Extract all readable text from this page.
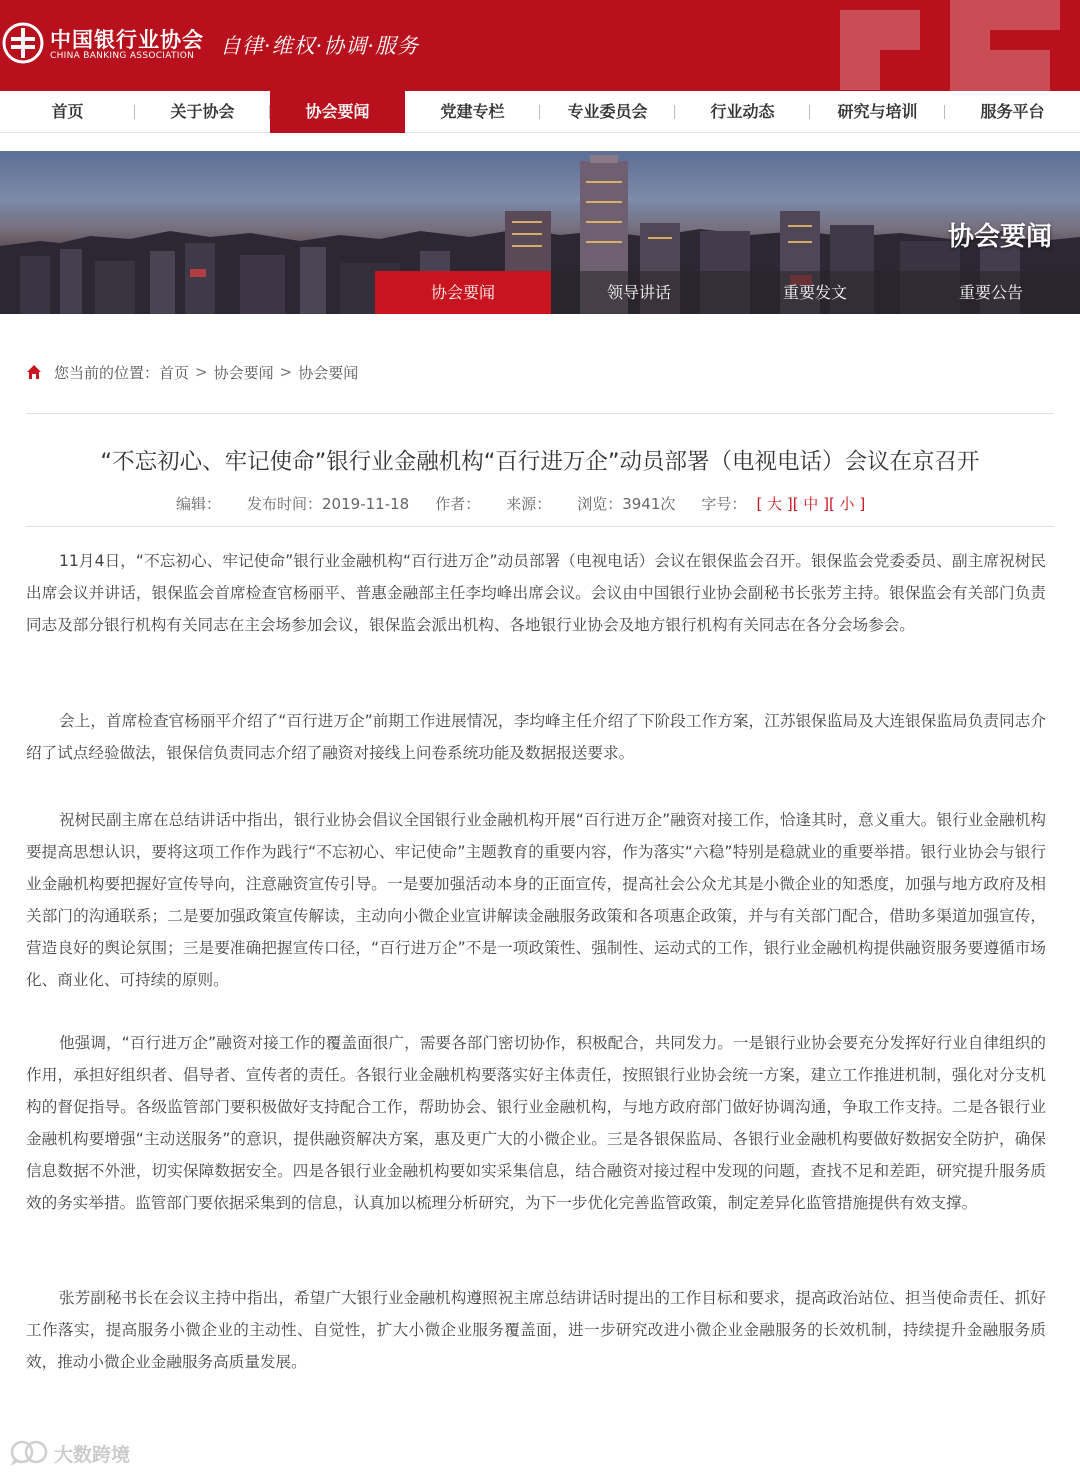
中国银行业协会
CHINA BANKING ASSOCIATION 自律·维权·协调·服务
首页	关于协会	协会要闻	党建专栏	专业委员会	行业动态	研究与培训	服务平台
协会要闻
协会要闻	领导讲话	重要发文	重要公告
您当前的位置： 首页 > 协会要闻 > 协会要闻
“不忘初心、牢记使命”银行业金融机构“百行进万企”动员部署（电视电话）会议在京召开
编辑： 发布时间：2019-11-18 作者： 来源： 浏览：3941次 字号： [ 大 ][ 中 ][ 小 ]

11月4日，“不忘初心、牢记使命”银行业金融机构“百行进万企”动员部署（电视电话）会议在银保监会召开。银保监会党委委员、副主席祝树民出席会议并讲话，银保监会首席检查官杨丽平、普惠金融部主任李均峰出席会议。会议由中国银行业协会副秘书长张芳主持。银保监会有关部门负责同志及部分银行机构有关同志在主会场参加会议，银保监会派出机构、各地银行业协会及地方银行机构有关同志在各分会场参会。

会上，首席检查官杨丽平介绍了“百行进万企”前期工作进展情况，李均峰主任介绍了下阶段工作方案，江苏银保监局及大连银保监局负责同志介绍了试点经验做法，银保信负责同志介绍了融资对接线上问卷系统功能及数据报送要求。

祝树民副主席在总结讲话中指出，银行业协会倡议全国银行业金融机构开展“百行进万企”融资对接工作，恰逢其时，意义重大。银行业金融机构要提高思想认识，要将这项工作作为践行“不忘初心、牢记使命”主题教育的重要内容，作为落实“六稳”特别是稳就业的重要举措。银行业协会与银行业金融机构要把握好宣传导向，注意融资宣传引导。一是要加强活动本身的正面宣传，提高社会公众尤其是小微企业的知悉度，加强与地方政府及相关部门的沟通联系；二是要加强政策宣传解读，主动向小微企业宣讲解读金融服务政策和各项惠企政策，并与有关部门配合，借助多渠道加强宣传，营造良好的舆论氛围；三是要准确把握宣传口径，“百行进万企”不是一项政策性、强制性、运动式的工作，银行业金融机构提供融资服务要遵循市场化、商业化、可持续的原则。

他强调，“百行进万企”融资对接工作的覆盖面很广，需要各部门密切协作，积极配合，共同发力。一是银行业协会要充分发挥好行业自律组织的作用，承担好组织者、倡导者、宣传者的责任。各银行业金融机构要落实好主体责任，按照银行业协会统一方案，建立工作推进机制，强化对分支机构的督促指导。各级监管部门要积极做好支持配合工作，帮助协会、银行业金融机构，与地方政府部门做好协调沟通，争取工作支持。二是各银行业金融机构要增强“主动送服务”的意识，提供融资解决方案，惠及更广大的小微企业。三是各银保监局、各银行业金融机构要做好数据安全防护，确保信息数据不外泄，切实保障数据安全。四是各银行业金融机构要如实采集信息，结合融资对接过程中发现的问题，查找不足和差距，研究提升服务质效的务实举措。监管部门要依据采集到的信息，认真加以梳理分析研究，为下一步优化完善监管政策，制定差异化监管措施提供有效支撑。

张芳副秘书长在会议主持中指出，希望广大银行业金融机构遵照祝主席总结讲话时提出的工作目标和要求，提高政治站位、担当使命责任、抓好工作落实，提高服务小微企业的主动性、自觉性，扩大小微企业服务覆盖面，进一步研究改进小微企业金融服务的长效机制，持续提升金融服务质效，推动小微企业金融服务高质量发展。

大数跨境
